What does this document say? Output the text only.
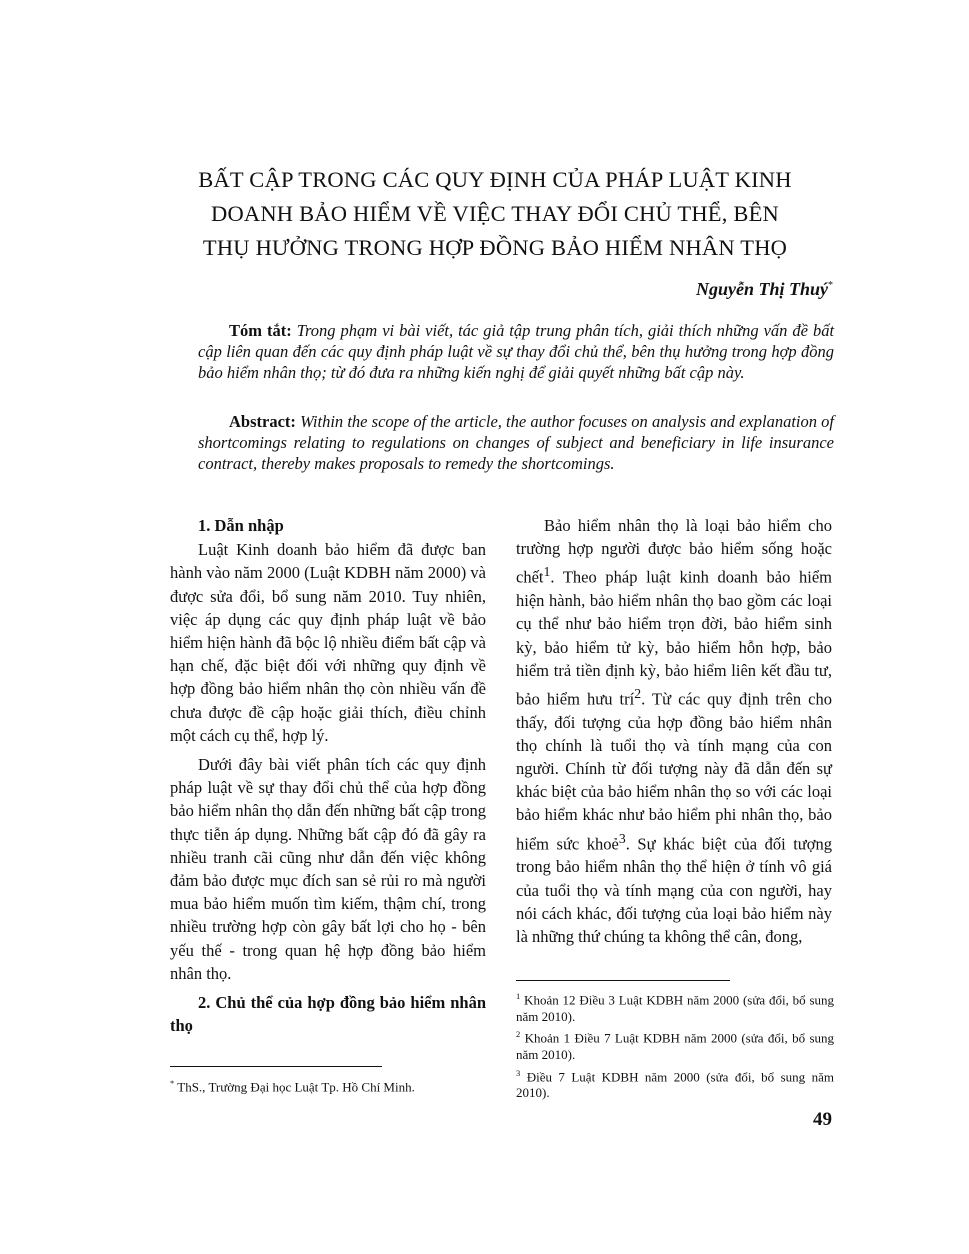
BẤT CẬP TRONG CÁC QUY ĐỊNH CỦA PHÁP LUẬT KINH
DOANH BẢO HIỂM VỀ VIỆC THAY ĐỔI CHỦ THỂ, BÊN
THỤ HƯỞNG TRONG HỢP ĐỒNG BẢO HIỂM NHÂN THỌ

Nguyễn Thị Thuý*

Tóm tắt: Trong phạm vi bài viết, tác giả tập trung phân tích, giải thích những vấn đề bất cập liên quan đến các quy định pháp luật về sự thay đổi chủ thể, bên thụ hưởng trong hợp đồng bảo hiểm nhân thọ; từ đó đưa ra những kiến nghị để giải quyết những bất cập này.

Abstract: Within the scope of the article, the author focuses on analysis and explanation of shortcomings relating to regulations on changes of subject and beneficiary in life insurance contract, thereby makes proposals to remedy the shortcomings.

1. Dẫn nhập

Luật Kinh doanh bảo hiểm đã được ban hành vào năm 2000 (Luật KDBH năm 2000) và được sửa đổi, bổ sung năm 2010. Tuy nhiên, việc áp dụng các quy định pháp luật về bảo hiểm hiện hành đã bộc lộ nhiều điểm bất cập và hạn chế, đặc biệt đối với những quy định về hợp đồng bảo hiểm nhân thọ còn nhiều vấn đề chưa được đề cập hoặc giải thích, điều chỉnh một cách cụ thể, hợp lý.

Dưới đây bài viết phân tích các quy định pháp luật về sự thay đổi chủ thể của hợp đồng bảo hiểm nhân thọ dẫn đến những bất cập trong thực tiễn áp dụng. Những bất cập đó đã gây ra nhiều tranh cãi cũng như dẫn đến việc không đảm bảo được mục đích san sẻ rủi ro mà người mua bảo hiểm muốn tìm kiếm, thậm chí, trong nhiều trường hợp còn gây bất lợi cho họ - bên yếu thế - trong quan hệ hợp đồng bảo hiểm nhân thọ.

2. Chủ thể của hợp đồng bảo hiểm nhân thọ

Bảo hiểm nhân thọ là loại bảo hiểm cho trường hợp người được bảo hiểm sống hoặc chết$^1$. Theo pháp luật kinh doanh bảo hiểm hiện hành, bảo hiểm nhân thọ bao gồm các loại cụ thể như bảo hiểm trọn đời, bảo hiểm sinh kỳ, bảo hiểm tử kỳ, bảo hiểm hỗn hợp, bảo hiểm trả tiền định kỳ, bảo hiểm liên kết đầu tư, bảo hiểm hưu trí$^2$. Từ các quy định trên cho thấy, đối tượng của hợp đồng bảo hiểm nhân thọ chính là tuổi thọ và tính mạng của con người. Chính từ đối tượng này đã dẫn đến sự khác biệt của bảo hiểm nhân thọ so với các loại bảo hiểm khác như bảo hiểm phi nhân thọ, bảo hiểm sức khoẻ$^3$. Sự khác biệt của đối tượng trong bảo hiểm nhân thọ thể hiện ở tính vô giá của tuổi thọ và tính mạng của con người, hay nói cách khác, đối tượng của loại bảo hiểm này là những thứ chúng ta không thể cân, đong,

* ThS., Trường Đại học Luật Tp. Hồ Chí Minh.

$^1$ Khoản 12 Điều 3 Luật KDBH năm 2000 (sửa đổi, bổ sung năm 2010).

$^2$ Khoản 1 Điều 7 Luật KDBH năm 2000 (sửa đổi, bổ sung năm 2010).

$^3$ Điều 7 Luật KDBH năm 2000 (sửa đổi, bổ sung năm 2010).

49
